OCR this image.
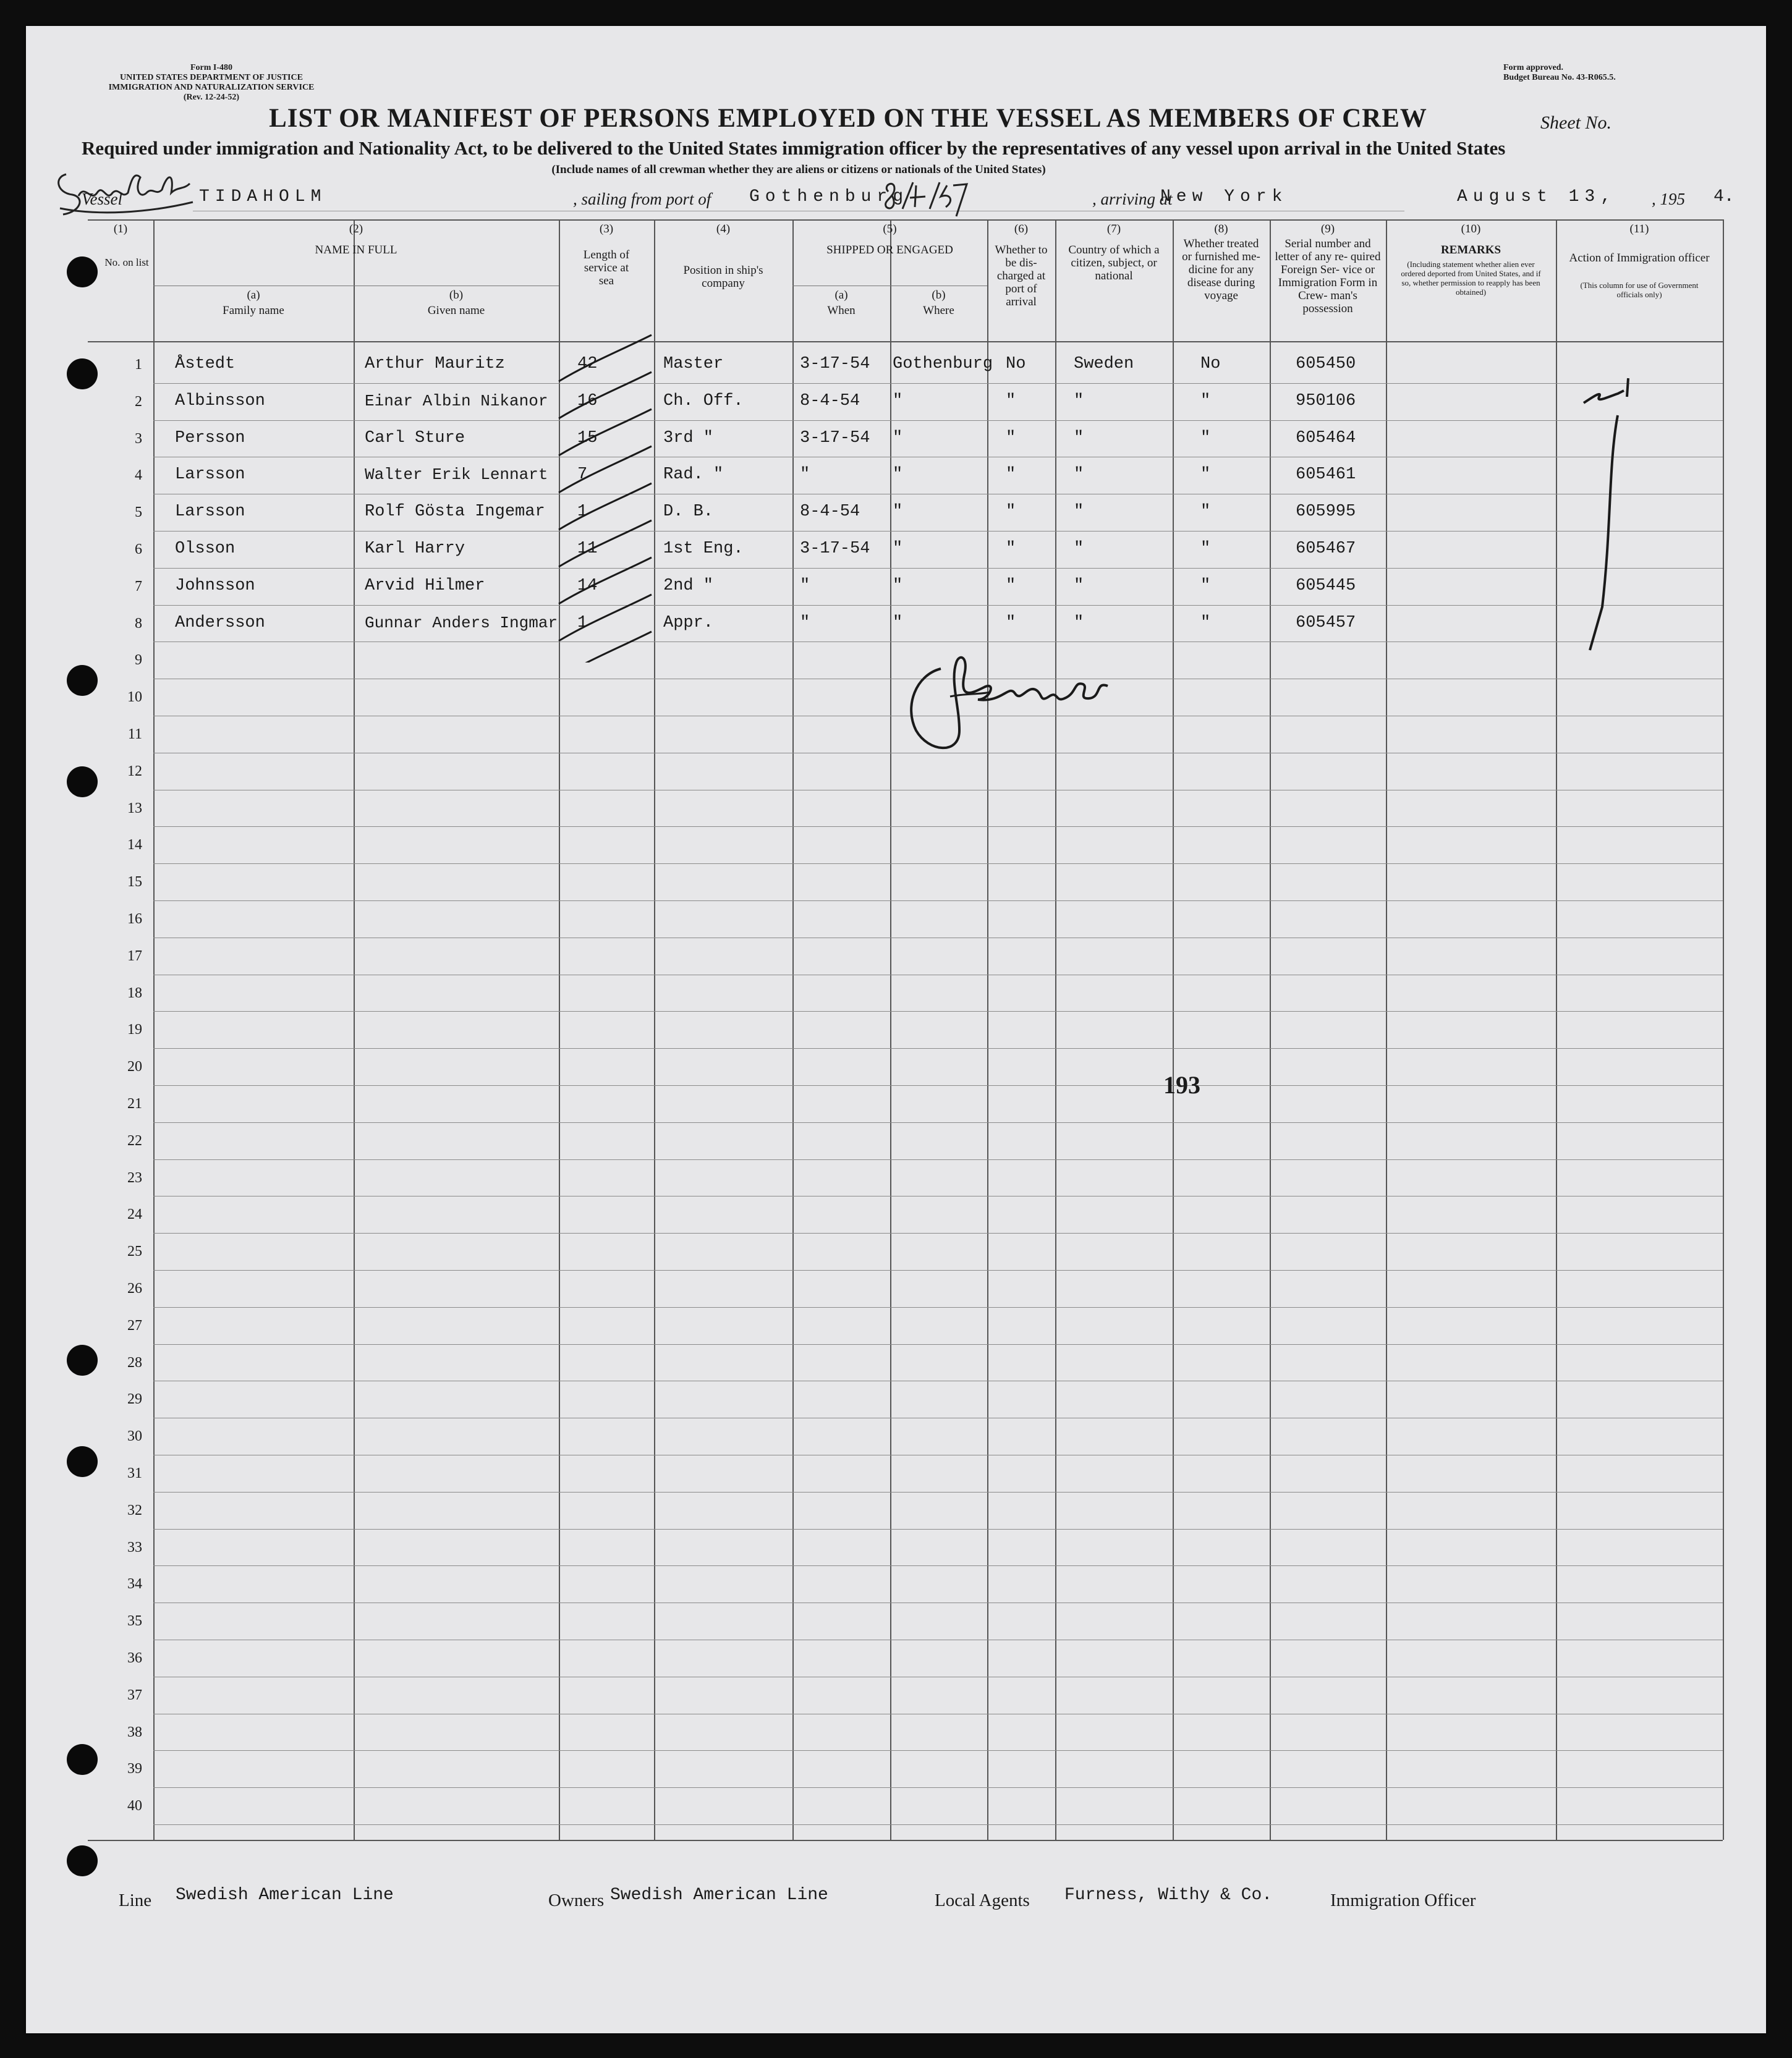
Form I-480
UNITED STATES DEPARTMENT OF JUSTICE
IMMIGRATION AND NATURALIZATION SERVICE
(Rev. 12-24-52)
Form approved.
Budget Bureau No. 43-R065.5.
LIST OR MANIFEST OF PERSONS EMPLOYED ON THE VESSEL AS MEMBERS OF CREW	Sheet No.
Required under immigration and Nationality Act, to be delivered to the United States immigration officer by the representatives of any vessel upon arrival in the United States
(Include names of all crewman whether they are aliens or citizens or nationals of the United States)
Vessel	TIDAHOLM	, sailing from port of Gothenburg	, arriving at
New York	August 13, , 195 4.
(1)
No. on list
(2)
NAME IN FULL
(a)
Family name
(b)
Given name
(3)
Length of service at sea
(4)
Position in ship's company
(5)
SHIPPED OR ENGAGED
(a)
When
(b)
Where
(6)
Whether to be dis- charged at port of arrival
(7)
Country of which a citizen, subject, or national
(8)
Whether treated or furnished me- dicine for any disease during voyage
(9)
Serial number and letter of any re- quired Foreign Ser- vice or Immigration Form in Crew- man's possession
(10)
REMARKS
(Including statement whether alien ever ordered deported from United States, and if so, whether permission to reapply has been obtained)
(11)
Action of Immigration officer
(This column for use of Government officials only)
1
2
3
4
5
6
7
8
9
10
11
12
13
14
15
16
17
18
19
20
21
22
23
24
25
26
27
28
29
30
31
32
33
34
35
36
37
38
39
40
Åstedt	Arthur Mauritz	42	Master	3-17-54 Gothenburg No	Sweden	No	605450
Albinsson	Einar Albin Nikanor 16	Ch. Off.	8-4-54 "	"	"	"	950106
Persson	Carl Sture	15	3rd "	3-17-54 "	"	"	"	605464
Larsson	Walter Erik Lennart 7	Rad. "	"	"	"	"	"	605461
Larsson	Rolf Gösta Ingemar 1	D. B.	8-4-54 "	"	"	"	605995
Olsson	Karl Harry	11	1st Eng.	3-17-54 "	"	"	"	605467
Johnsson	Arvid Hilmer	14	2nd "	"	"	"	"	"	605445
Andersson	Gunnar Anders Ingmar 1	Appr.	"	"	"	"	"	605457
193
Line Swedish American Line	Owners Swedish American Line	Local Agents Furness, Withy & Co.	Immigration Officer
